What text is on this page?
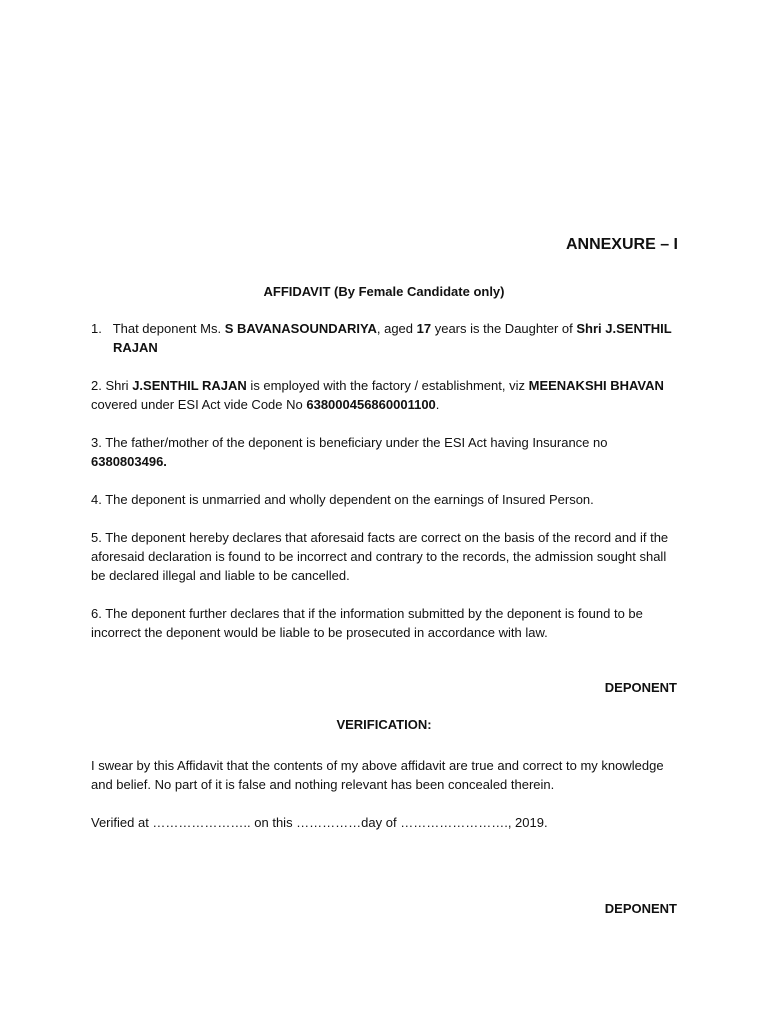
ANNEXURE – I

AFFIDAVIT (By Female Candidate only)

1. That deponent Ms. S BAVANASOUNDARIYA, aged 17 years is the Daughter of Shri J.SENTHIL RAJAN

2. Shri J.SENTHIL RAJAN is employed with the factory / establishment, viz MEENAKSHI BHAVAN covered under ESI Act vide Code No 638000456860001100.

3. The father/mother of the deponent is beneficiary under the ESI Act having Insurance no 6380803496.

4. The deponent is unmarried and wholly dependent on the earnings of Insured Person.

5. The deponent hereby declares that aforesaid facts are correct on the basis of the record and if the aforesaid declaration is found to be incorrect and contrary to the records, the admission sought shall be declared illegal and liable to be cancelled.

6. The deponent further declares that if the information submitted by the deponent is found to be incorrect the deponent would be liable to be prosecuted in accordance with law.

DEPONENT

VERIFICATION:

I swear by this Affidavit that the contents of my above affidavit are true and correct to my knowledge and belief. No part of it is false and nothing relevant has been concealed therein.

Verified at ………………….. on this ……………day of ……………………., 2019.

DEPONENT
